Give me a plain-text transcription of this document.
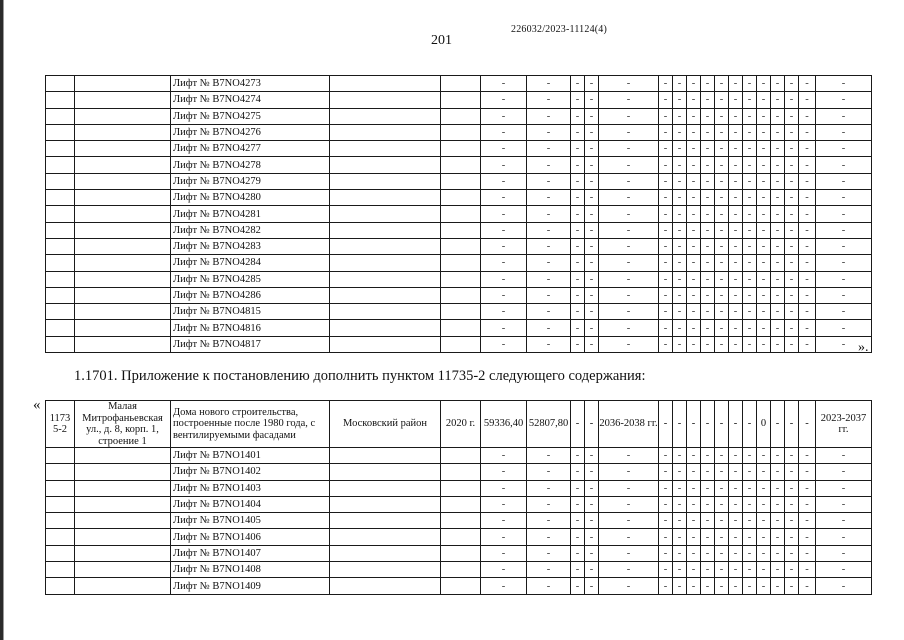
226032/2023-11124(4)
201
		Лифт № B7NO4273			-	-	-	-	-	-	-	-	-	-	-	-	-	-	-	-	-
		Лифт № B7NO4274			-	-	-	-	-	-	-	-	-	-	-	-	-	-	-	-	-
		Лифт № B7NO4275			-	-	-	-	-	-	-	-	-	-	-	-	-	-	-	-	-
		Лифт № B7NO4276			-	-	-	-	-	-	-	-	-	-	-	-	-	-	-	-	-
		Лифт № B7NO4277			-	-	-	-	-	-	-	-	-	-	-	-	-	-	-	-	-
		Лифт № B7NO4278			-	-	-	-	-	-	-	-	-	-	-	-	-	-	-	-	-
		Лифт № B7NO4279			-	-	-	-	-	-	-	-	-	-	-	-	-	-	-	-	-
		Лифт № B7NO4280			-	-	-	-	-	-	-	-	-	-	-	-	-	-	-	-	-
		Лифт № B7NO4281			-	-	-	-	-	-	-	-	-	-	-	-	-	-	-	-	-
		Лифт № B7NO4282			-	-	-	-	-	-	-	-	-	-	-	-	-	-	-	-	-
		Лифт № B7NO4283			-	-	-	-	-	-	-	-	-	-	-	-	-	-	-	-	-
		Лифт № B7NO4284			-	-	-	-	-	-	-	-	-	-	-	-	-	-	-	-	-
		Лифт № B7NO4285			-	-	-	-	-	-	-	-	-	-	-	-	-	-	-	-	-
		Лифт № B7NO4286			-	-	-	-	-	-	-	-	-	-	-	-	-	-	-	-	-
		Лифт № B7NO4815			-	-	-	-	-	-	-	-	-	-	-	-	-	-	-	-	-
		Лифт № B7NO4816			-	-	-	-	-	-	-	-	-	-	-	-	-	-	-	-	-
		Лифт № B7NO4817			-	-	-	-	-	-	-	-	-	-	-	-	-	-	-	-	- ».
1.1701. Приложение к постановлению дополнить пунктом 11735-2 следующего содержания:
«
1173 5-2	Малая Митрофаньевская ул., д. 8, корп. 1, строение 1	Дома нового строительства, построенные после 1980 года, с вентилируемыми фасадами	Московский район	2020 г.	59336,40	52807,80	-	-	2036-2038 гг.	-	-	-	-	-	-	-	0	-	-	-	2023-2037 гг.
		Лифт № B7NO1401			-	-	-	-	-	-	-	-	-	-	-	-	-	-	-	-	-
		Лифт № B7NO1402			-	-	-	-	-	-	-	-	-	-	-	-	-	-	-	-	-
		Лифт № B7NO1403			-	-	-	-	-	-	-	-	-	-	-	-	-	-	-	-	-
		Лифт № B7NO1404			-	-	-	-	-	-	-	-	-	-	-	-	-	-	-	-	-
		Лифт № B7NO1405			-	-	-	-	-	-	-	-	-	-	-	-	-	-	-	-	-
		Лифт № B7NO1406			-	-	-	-	-	-	-	-	-	-	-	-	-	-	-	-	-
		Лифт № B7NO1407			-	-	-	-	-	-	-	-	-	-	-	-	-	-	-	-	-
		Лифт № B7NO1408			-	-	-	-	-	-	-	-	-	-	-	-	-	-	-	-	-
		Лифт № B7NO1409			-	-	-	-	-	-	-	-	-	-	-	-	-	-	-	-	-
